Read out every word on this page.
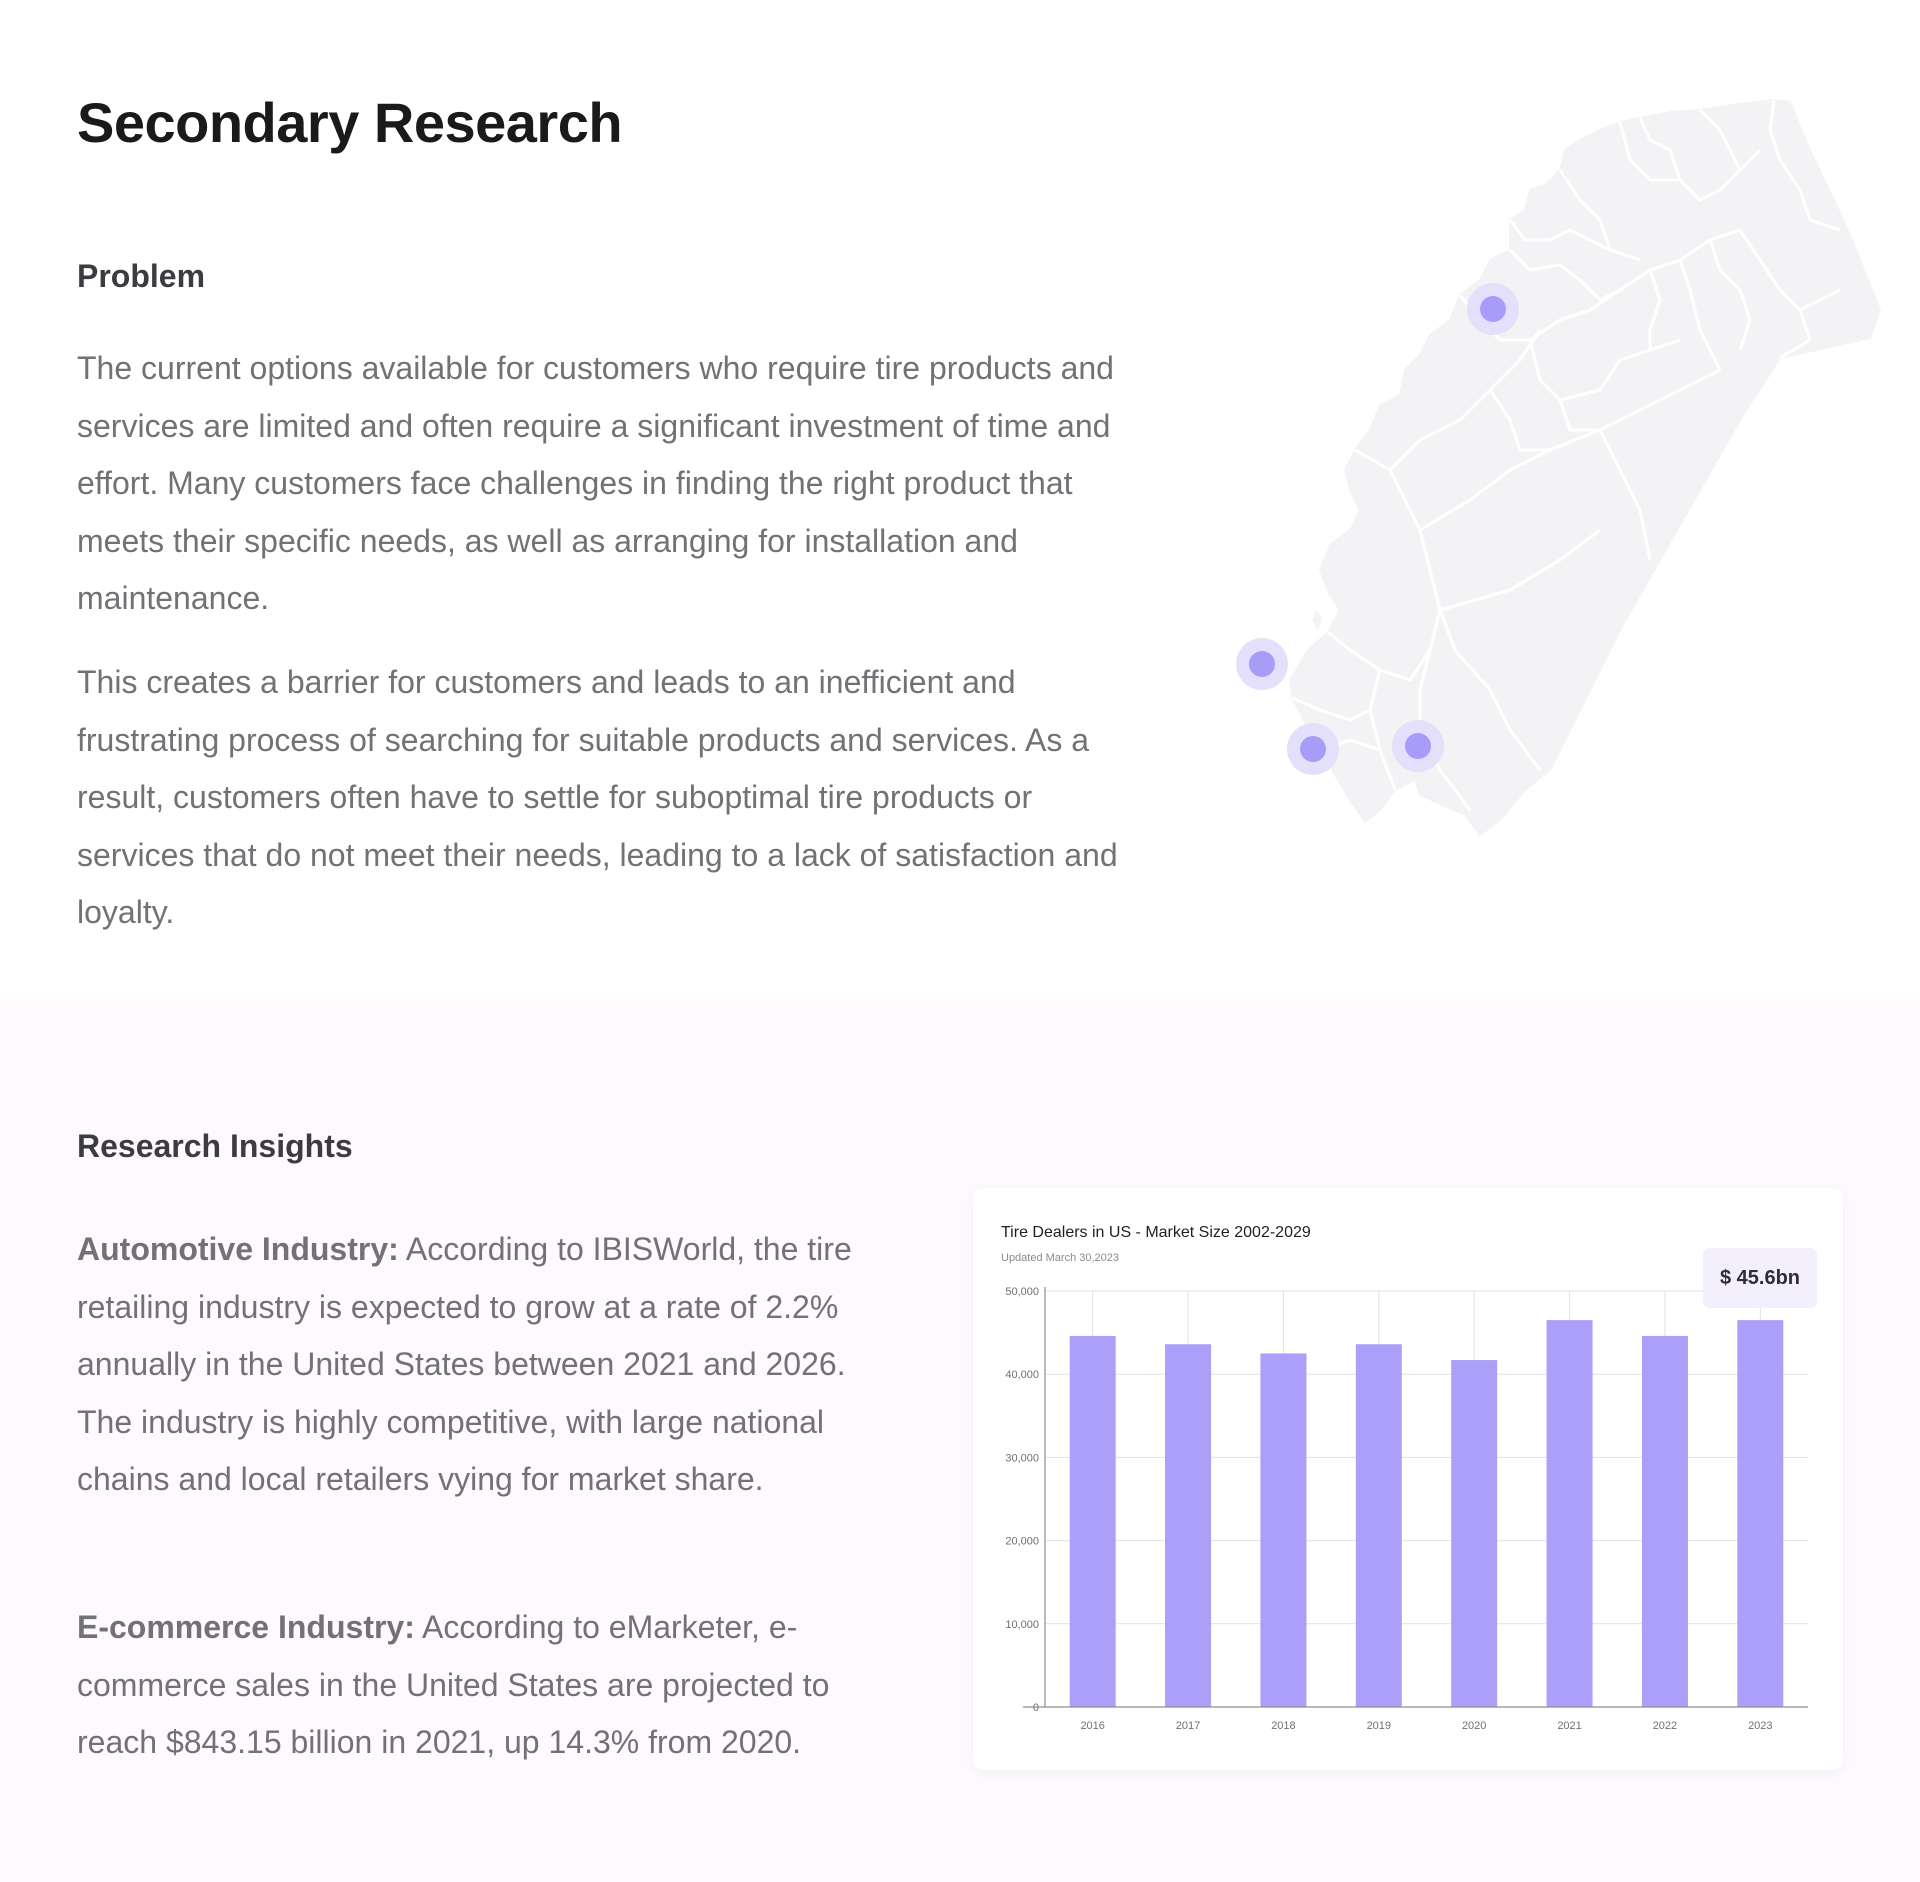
Secondary Research
Problem

The current options available for customers who require tire products and services are limited and often require a significant investment of time and effort. Many customers face challenges in finding the right product that meets their specific needs, as well as arranging for installation and maintenance.

This creates a barrier for customers and leads to an inefficient and frustrating process of searching for suitable products and services. As a result, customers often have to settle for suboptimal tire products or services that do not meet their needs, leading to a lack of satisfaction and loyalty.

Research Insights

Automotive Industry: According to IBISWorld, the tire retailing industry is expected to grow at a rate of 2.2% annually in the United States between 2021 and 2026. The industry is highly competitive, with large national chains and local retailers vying for market share.

E-commerce Industry: According to eMarketer, e-commerce sales in the United States are projected to reach $843.15 billion in 2021, up 14.3% from 2020.

Tire Dealers in US - Market Size 2002-2029
Updated March 30,2023
0
10,000
20,000
30,000
40,000
50,000
2016	2017	2018	2019	2020	2021	2022	2023
$ 45.6bn
